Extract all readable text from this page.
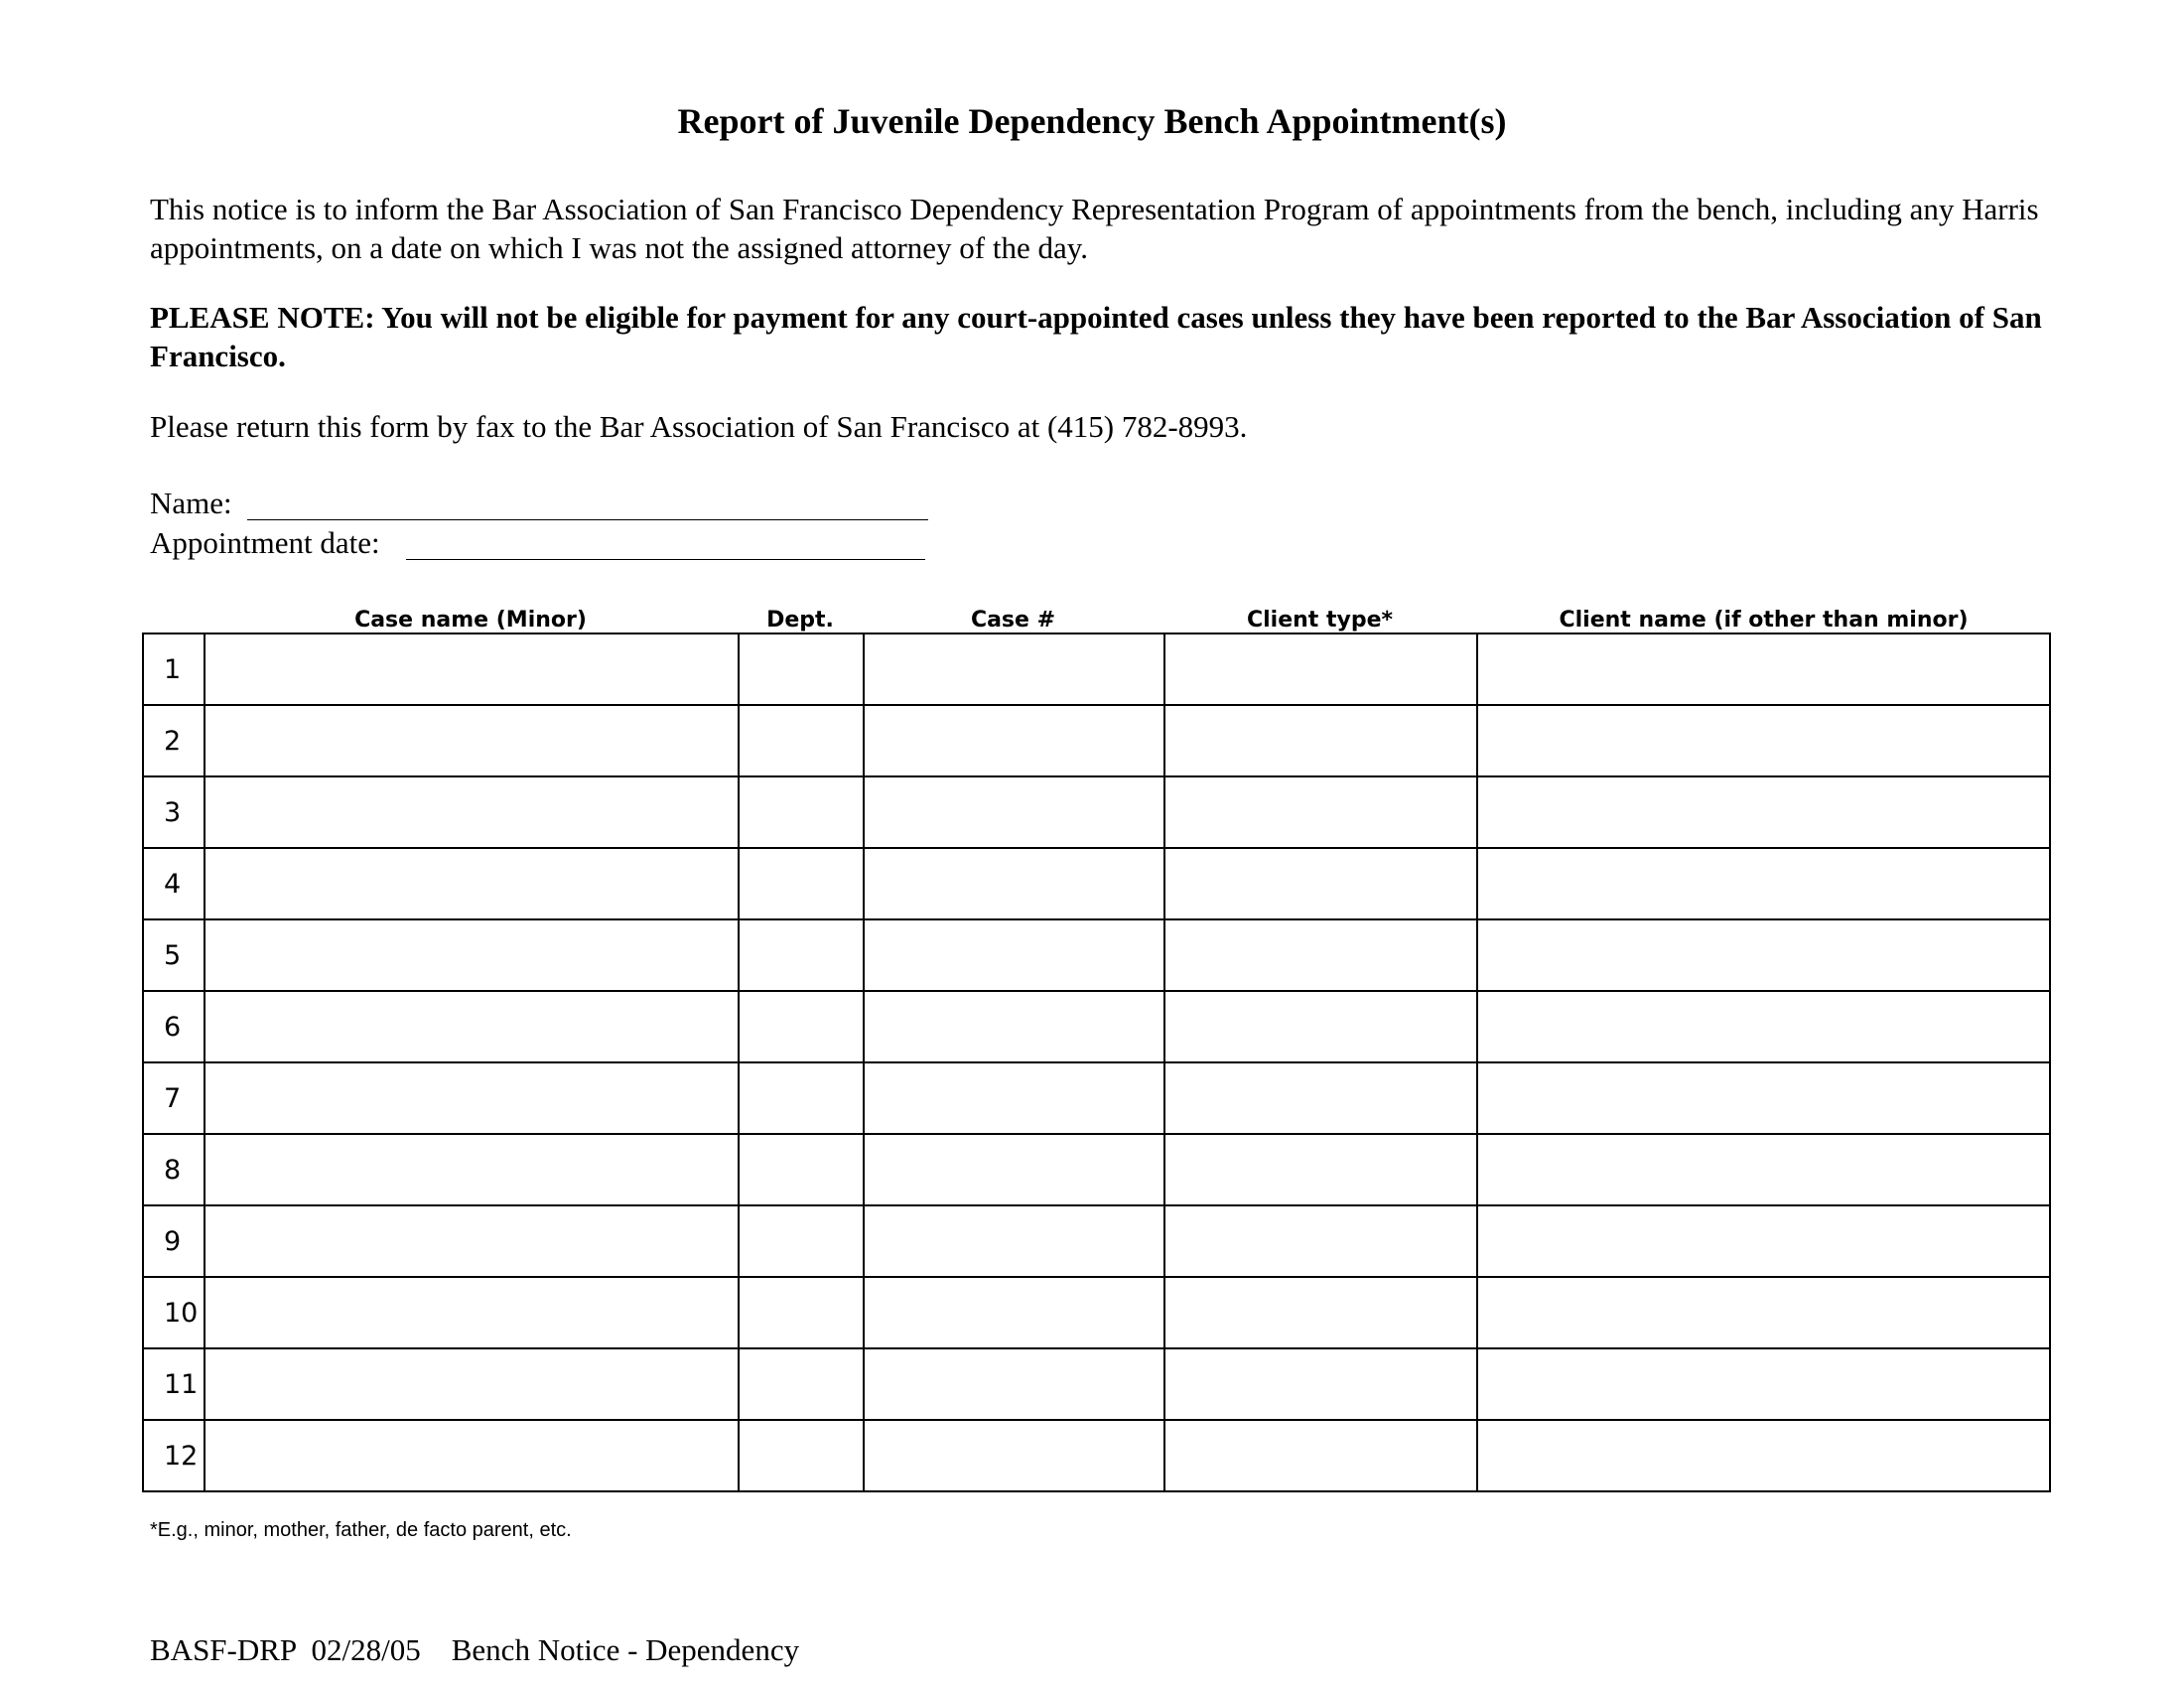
Report of Juvenile Dependency Bench Appointment(s)
This notice is to inform the Bar Association of San Francisco Dependency Representation Program of appointments from the bench, including any Harris appointments, on a date on which I was not the assigned attorney of the day.
PLEASE NOTE: You will not be eligible for payment for any court-appointed cases unless they have been reported to the Bar Association of San Francisco.
Please return this form by fax to the Bar Association of San Francisco at (415) 782-8993.
Name:
Appointment date:
Case name (Minor)	Dept.	Case #	Client type*	Client name (if other than minor)
1					
2					
3					
4					
5					
6					
7					
8					
9					
10					
11					
12					
*E.g., minor, mother, father, de facto parent, etc.
BASF-DRP  02/28/05    Bench Notice - Dependency
